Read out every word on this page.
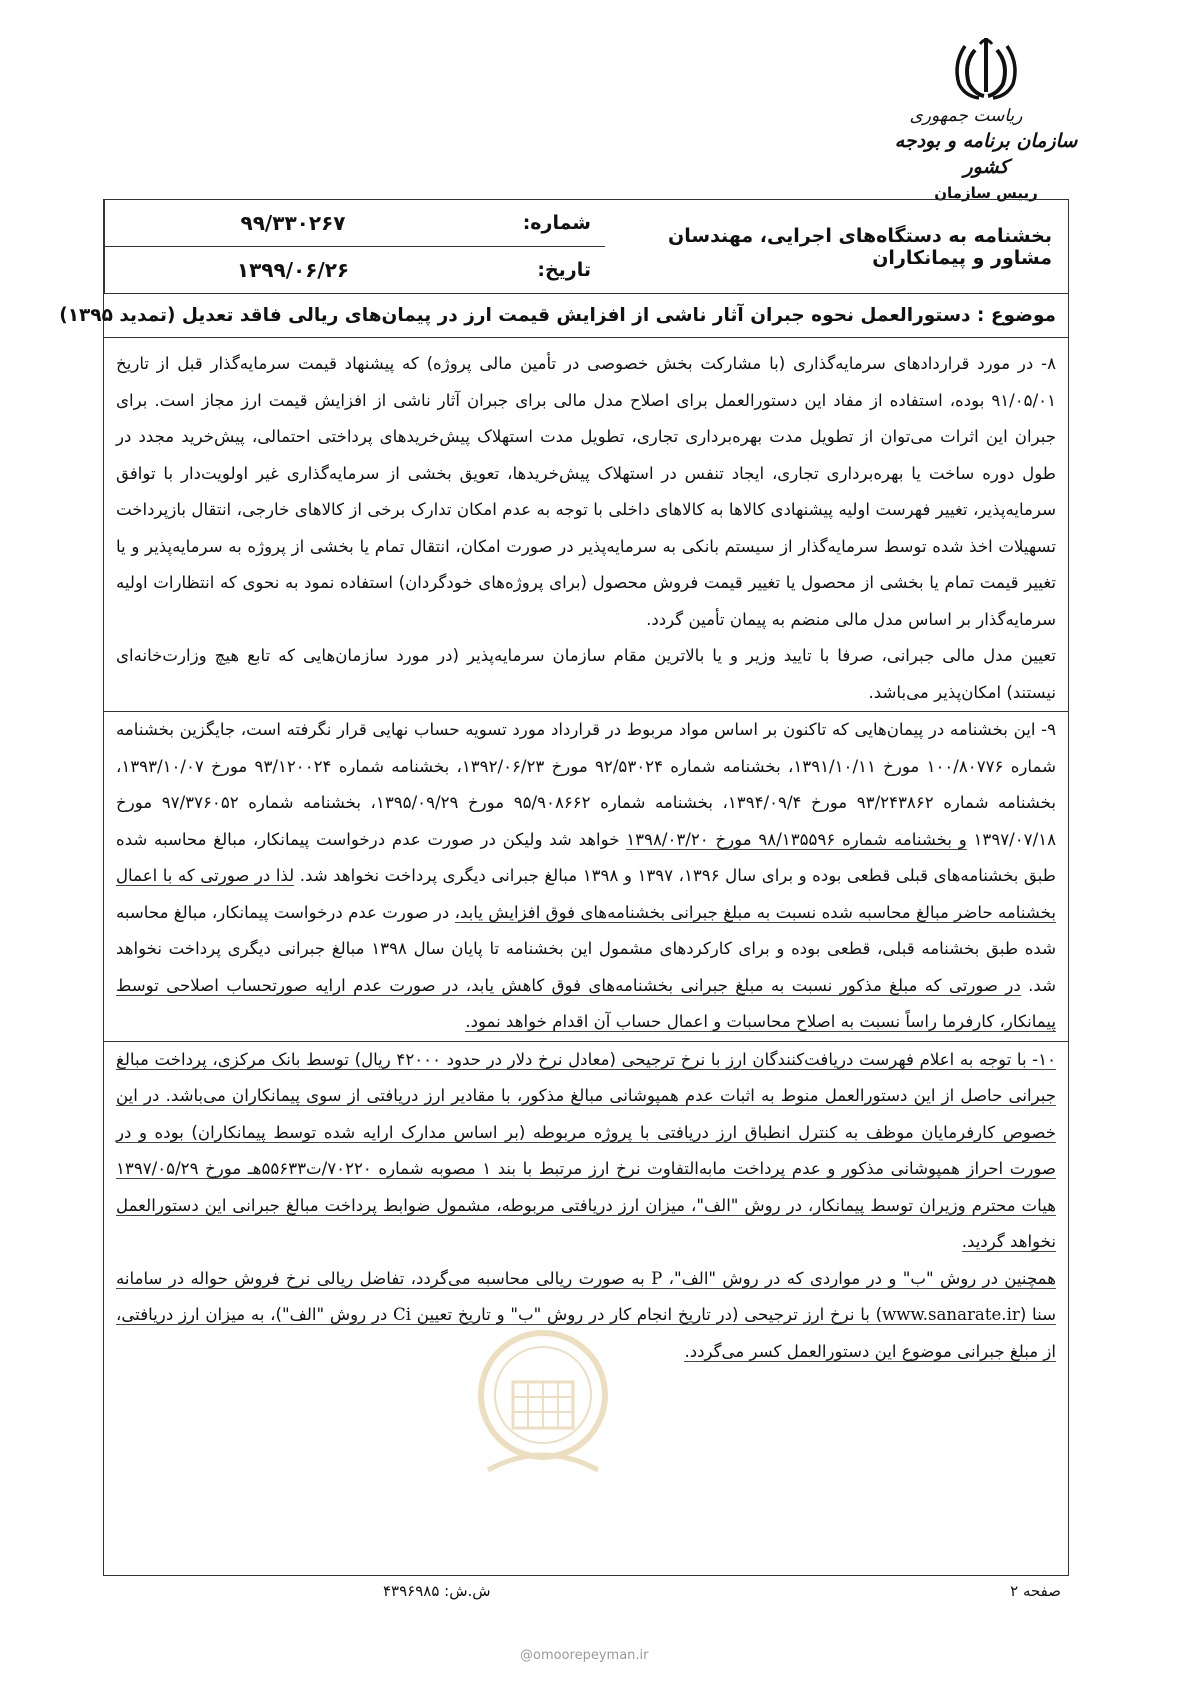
ریاست جمهوری
سازمان برنامه و بودجه کشور
رییس سازمان
بخشنامه به دستگاه‌های اجرایی، مهندسان مشاور و پیمانکاران
شماره:
۹۹/۳۳۰۲۶۷
تاریخ:
۱۳۹۹/۰۶/۲۶
موضوع : دستورالعمل نحوه جبران آثار ناشی از افزایش قیمت ارز در پیمان‌های ریالی فاقد تعدیل (تمدید ۱۳۹۵)

۸- در مورد قراردادهای سرمایه‌گذاری (با مشارکت بخش خصوصی در تأمین مالی پروژه) که پیشنهاد قیمت سرمایه‌گذار قبل از تاریخ ۹۱/۰۵/۰۱ بوده، استفاده از مفاد این دستورالعمل برای اصلاح مدل مالی برای جبران آثار ناشی از افزایش قیمت ارز مجاز است. برای جبران این اثرات می‌توان از تطویل مدت بهره‌برداری تجاری، تطویل مدت استهلاک پیش‌خریدهای پرداختی احتمالی، پیش‌خرید مجدد در طول دوره ساخت یا بهره‌برداری تجاری، ایجاد تنفس در استهلاک پیش‌خریدها، تعویق بخشی از سرمایه‌گذاری غیر اولویت‌دار با توافق سرمایه‌پذیر، تغییر فهرست اولیه پیشنهادی کالاها به کالاهای داخلی با توجه به عدم امکان تدارک برخی از کالاهای خارجی، انتقال بازپرداخت تسهیلات اخذ شده توسط سرمایه‌گذار از سیستم بانکی به سرمایه‌پذیر در صورت امکان، انتقال تمام یا بخشی از پروژه به سرمایه‌پذیر و یا تغییر قیمت تمام یا بخشی از محصول یا تغییر قیمت فروش محصول (برای پروژه‌های خودگردان) استفاده نمود به نحوی که انتظارات اولیه سرمایه‌گذار بر اساس مدل مالی منضم به پیمان تأمین گردد.

تعیین مدل مالی جبرانی، صرفا با تایید وزیر و یا بالاترین مقام سازمان سرمایه‌پذیر (در مورد سازمان‌هایی که تابع هیچ وزارت‌خانه‌ای نیستند) امکان‌پذیر می‌باشد.

۹- این بخشنامه در پیمان‌هایی که تاکنون بر اساس مواد مربوط در قرارداد مورد تسویه حساب نهایی قرار نگرفته است، جایگزین بخشنامه شماره ۱۰۰/۸۰۷۷۶ مورخ ۱۳۹۱/۱۰/۱۱، بخشنامه شماره ۹۲/۵۳۰۲۴ مورخ ۱۳۹۲/۰۶/۲۳، بخشنامه شماره ۹۳/۱۲۰۰۲۴ مورخ ۱۳۹۳/۱۰/۰۷، بخشنامه شماره ۹۳/۲۴۳۸۶۲ مورخ ۱۳۹۴/۰۹/۴، بخشنامه شماره ۹۵/۹۰۸۶۶۲ مورخ ۱۳۹۵/۰۹/۲۹، بخشنامه شماره ۹۷/۳۷۶۰۵۲ مورخ ۱۳۹۷/۰۷/۱۸ و بخشنامه شماره ۹۸/۱۳۵۵۹۶ مورخ ۱۳۹۸/۰۳/۲۰ خواهد شد ولیکن در صورت عدم درخواست پیمانکار، مبالغ محاسبه شده طبق بخشنامه‌های قبلی قطعی بوده و برای سال ۱۳۹۶، ۱۳۹۷ و ۱۳۹۸ مبالغ جبرانی دیگری پرداخت نخواهد شد. لذا در صورتی که با اعمال بخشنامه حاضر مبالغ محاسبه شده نسبت به مبلغ جبرانی بخشنامه‌های فوق افزایش یابد، در صورت عدم درخواست پیمانکار، مبالغ محاسبه شده طبق بخشنامه قبلی، قطعی بوده و برای کارکردهای مشمول این بخشنامه تا پایان سال ۱۳۹۸ مبالغ جبرانی دیگری پرداخت نخواهد شد. در صورتی که مبلغ مذکور نسبت به مبلغ جبرانی بخشنامه‌های فوق کاهش یابد، در صورت عدم ارایه صورتحساب اصلاحی توسط پیمانکار، کارفرما راساً نسبت به اصلاح محاسبات و اعمال حساب آن اقدام خواهد نمود.

۱۰- با توجه به اعلام فهرست دریافت‌کنندگان ارز با نرخ ترجیحی (معادل نرخ دلار در حدود ۴۲۰۰۰ ریال) توسط بانک مرکزی، پرداخت مبالغ جبرانی حاصل از این دستورالعمل منوط به اثبات عدم همپوشانی مبالغ مذکور، با مقادیر ارز دریافتی از سوی پیمانکاران می‌باشد. در این خصوص کارفرمایان موظف به کنترل انطباق ارز دریافتی با پروژه مربوطه (بر اساس مدارک ارایه شده توسط پیمانکاران) بوده و در صورت احراز همپوشانی مذکور و عدم پرداخت مابه‌التفاوت نرخ ارز مرتبط با بند ۱ مصوبه شماره ۷۰۲۲۰/ت۵۵۶۳۳هـ مورخ ۱۳۹۷/۰۵/۲۹ هیات محترم وزیران توسط پیمانکار، در روش "الف"، میزان ارز دریافتی مربوطه، مشمول ضوابط پرداخت مبالغ جبرانی این دستورالعمل نخواهد گردید.

همچنین در روش "ب" و در مواردی که در روش "الف"، P به صورت ریالی محاسبه می‌گردد، تفاضل ریالی نرخ فروش حواله در سامانه سنا (www.sanarate.ir) با نرخ ارز ترجیحی (در تاریخ انجام کار در روش "ب" و تاریخ تعیین Ci در روش "الف")، به میزان ارز دریافتی، از مبلغ جبرانی موضوع این دستورالعمل کسر می‌گردد.

صفحه ۲
ش.ش: ۴۳۹۶۹۸۵
@omoorepeyman.ir
